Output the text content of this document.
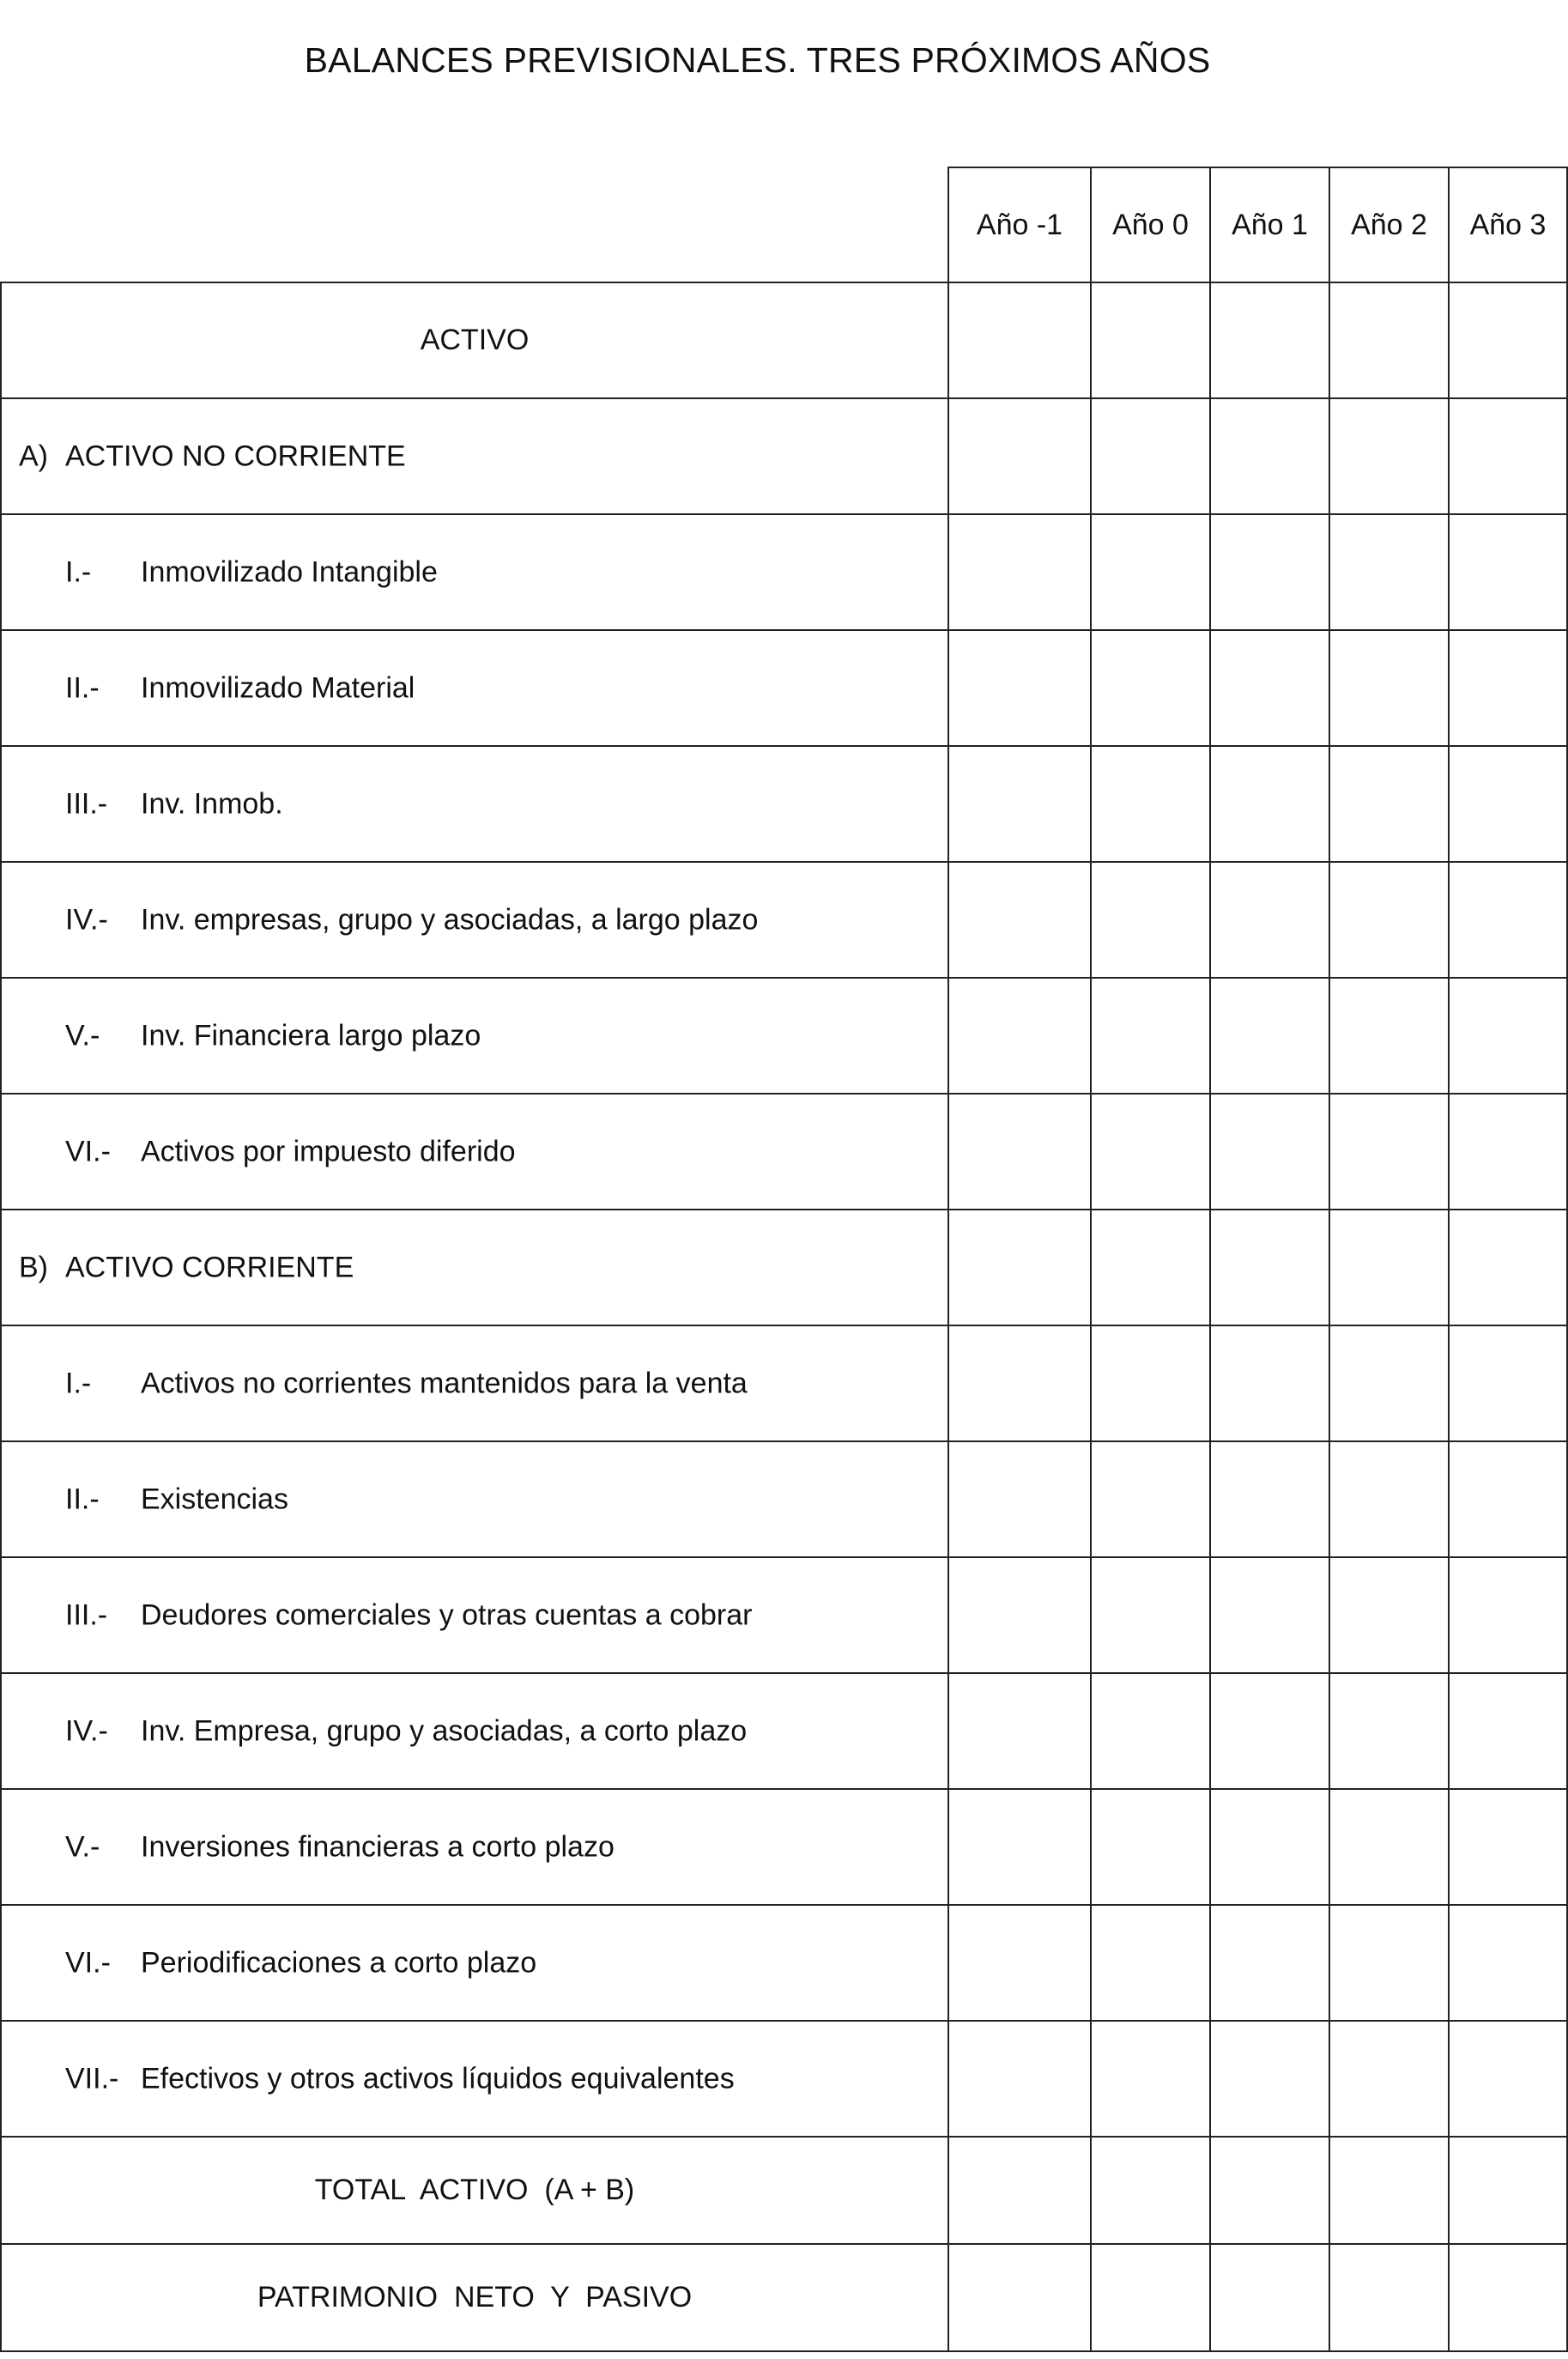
BALANCES PREVISIONALES. TRES PRÓXIMOS AÑOS
	Año -1	Año 0	Año 1	Año 2	Año 3

ACTIVO					

A) ACTIVO NO CORRIENTE					

I.- Inmovilizado Intangible					

II.- Inmovilizado Material					

III.- Inv. Inmob.					

IV.- Inv. empresas, grupo y asociadas, a largo plazo					

V.- Inv. Financiera largo plazo					

VI.- Activos por impuesto diferido					

B) ACTIVO CORRIENTE					

I.- Activos no corrientes mantenidos para la venta					

II.- Existencias					

III.- Deudores comerciales y otras cuentas a cobrar					

IV.- Inv. Empresa, grupo y asociadas, a corto plazo					

V.- Inversiones financieras a corto plazo					

VI.- Periodificaciones a corto plazo					

VII.- Efectivos y otros activos líquidos equivalentes					

TOTAL  ACTIVO  (A + B)					

PATRIMONIO  NETO  Y  PASIVO					
